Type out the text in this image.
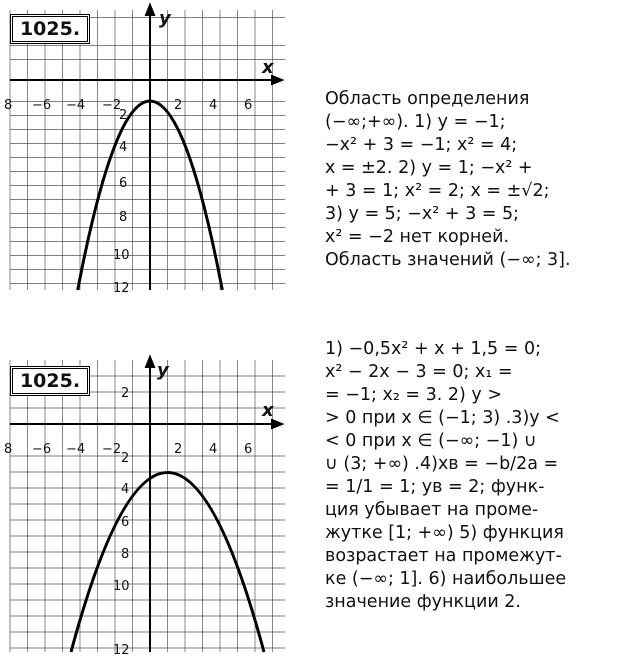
y
x
8 −6 −4 −2	2 4 6
2
4
6
8
10
12
1025.

Область определения

(−∞;+∞). 1) y = −1;

−x² + 3 = −1; x² = 4;

x = ±2. 2) y = 1; −x² +

+ 3 = 1; x² = 2; x = ±√2;

3) y = 5; −x² + 3 = 5;

x² = −2 нет корней.

Область значений (−∞; 3].

y
x
8 −6 −4 −2	2 4 6
2
2
4
6
8
10
12
1025.

1) −0,5x² + x + 1,5 = 0;

x² − 2x − 3 = 0; x₁ =

= −1; x₂ = 3. 2) y >

> 0 при x ∈ (−1; 3) .3)y <

< 0 при x ∈ (−∞; −1) ∪

∪ (3; +∞) .4)xв = −b/2a =

= 1/1 = 1; yв = 2; функ-

ция убывает на проме-

жутке [1; +∞) 5) функция

возрастает на промежут-

ке (−∞; 1]. 6) наибольшее

значение функции 2.
